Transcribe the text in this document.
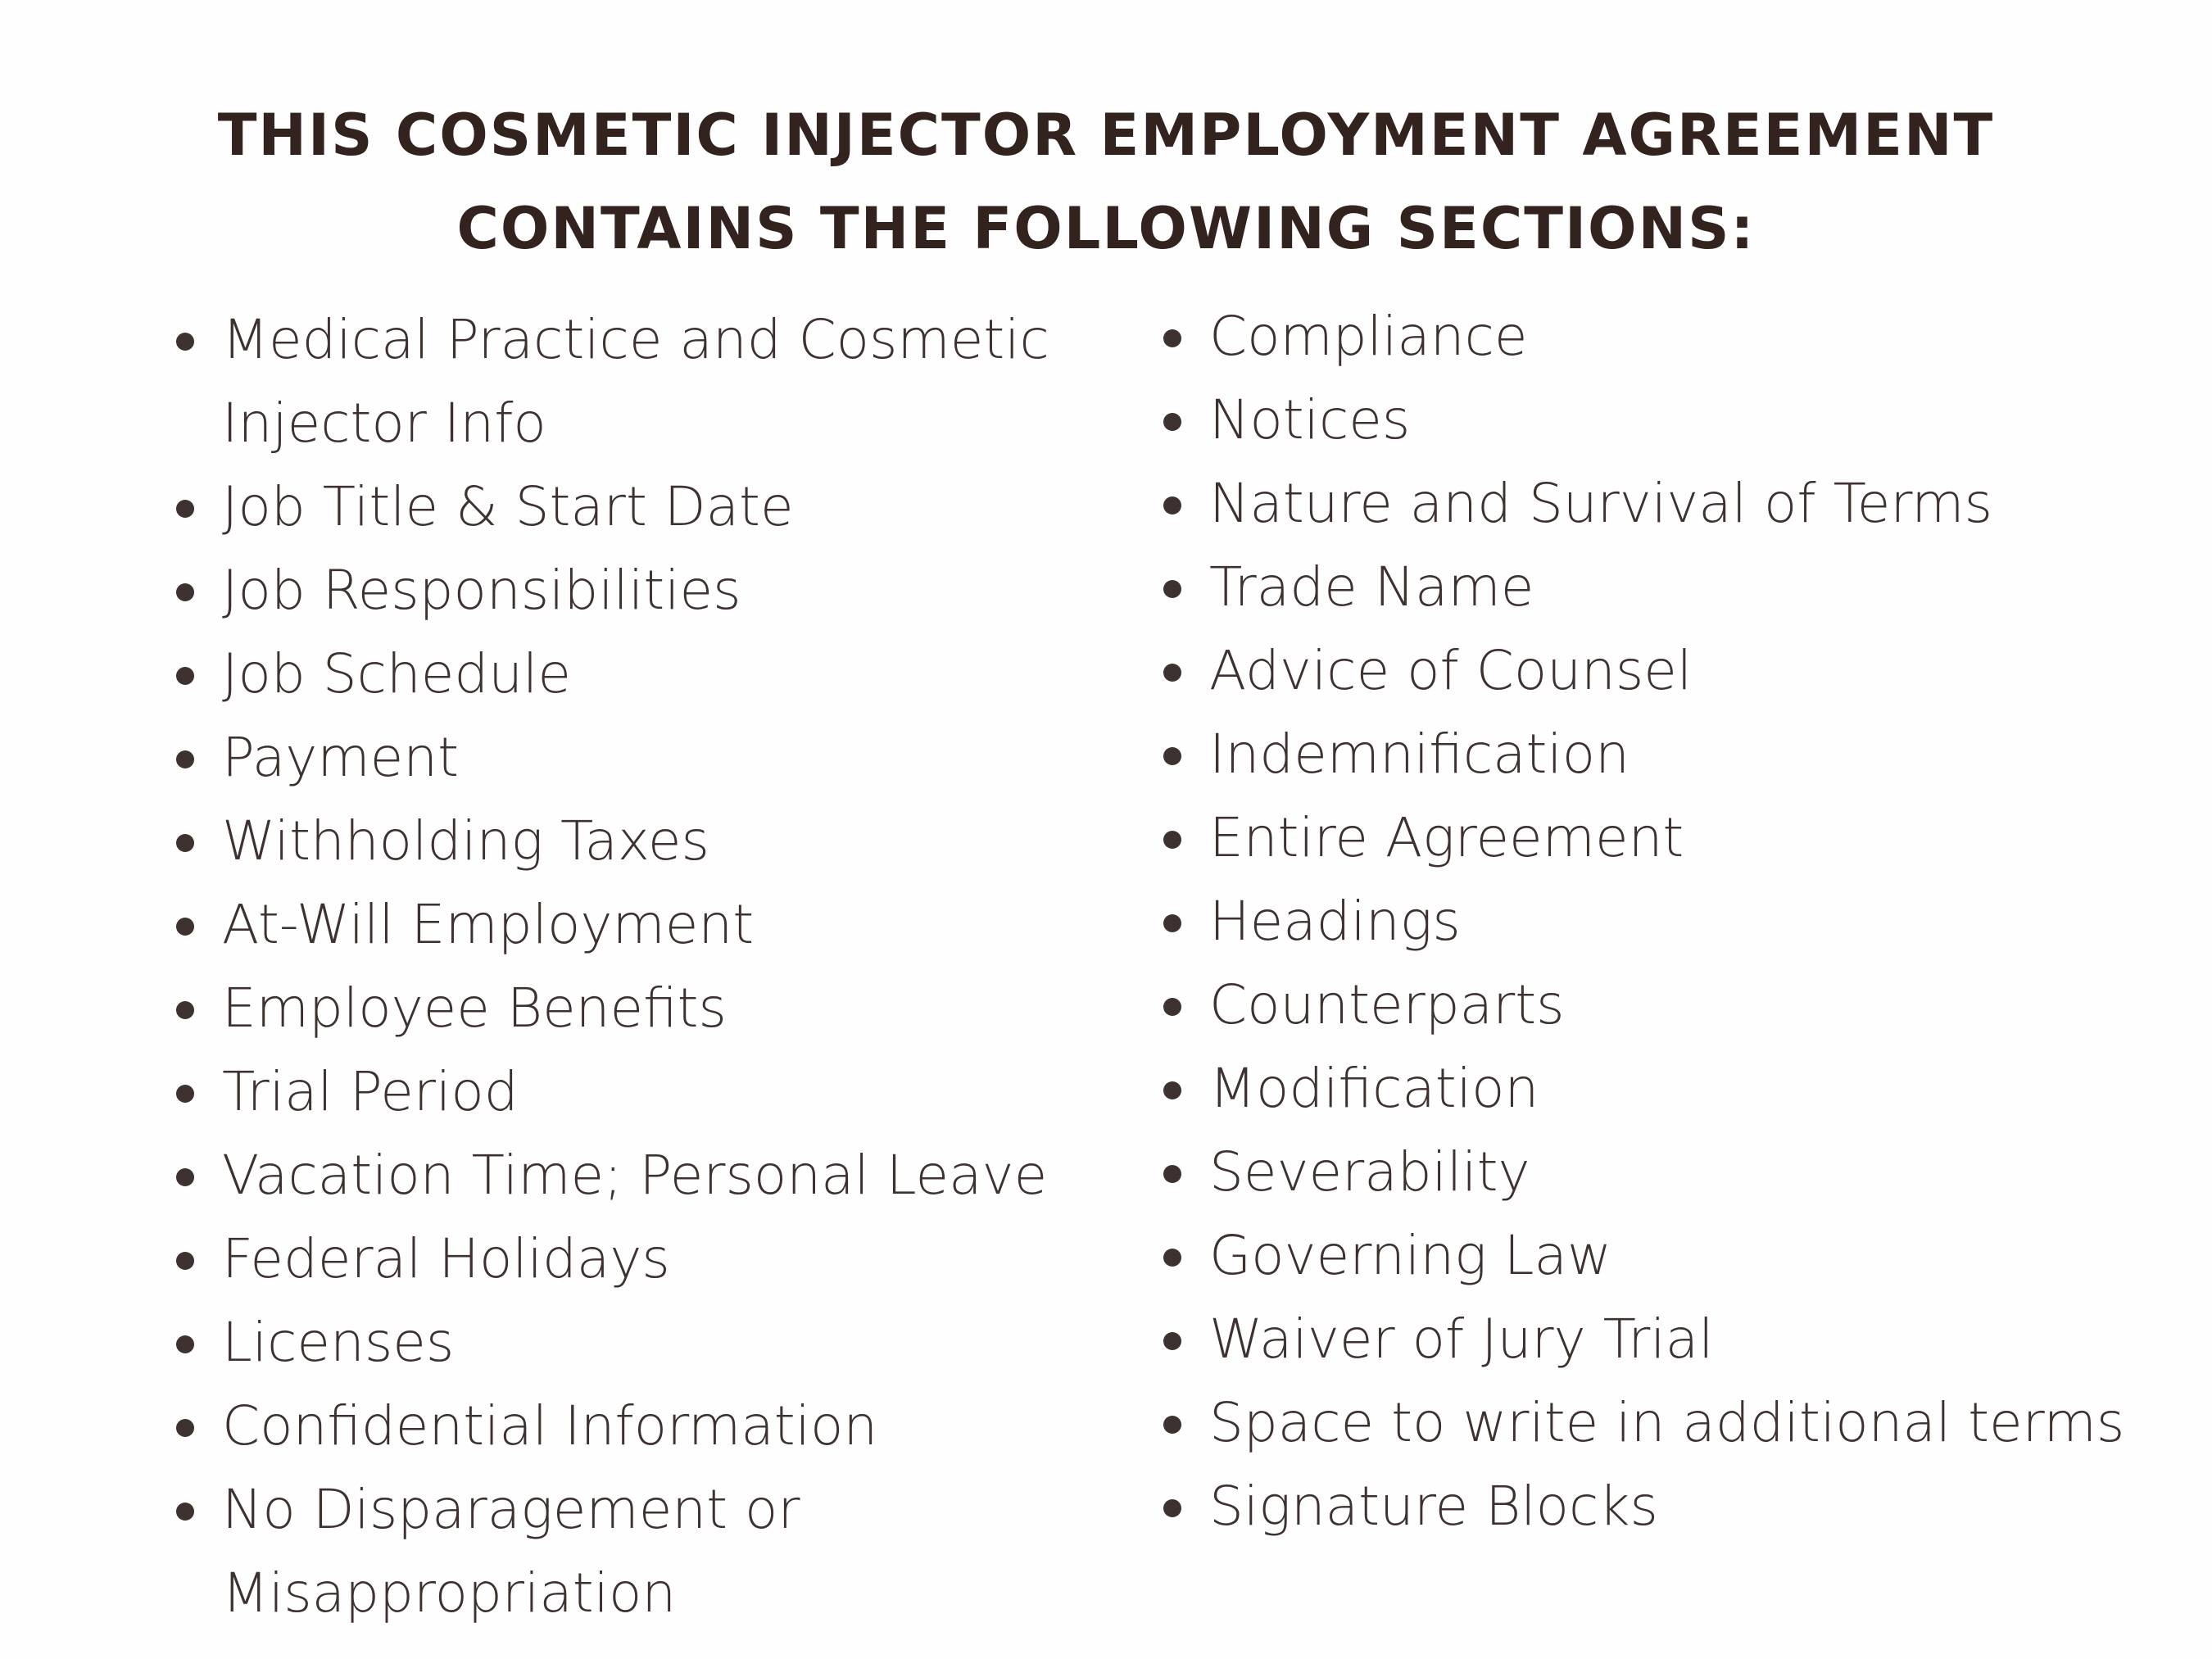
THIS COSMETIC INJECTOR EMPLOYMENT AGREEMENT CONTAINS THE FOLLOWING SECTIONS:
Medical Practice and Cosmetic Injector Info
Job Title & Start Date
Job Responsibilities
Job Schedule
Payment
Withholding Taxes
At-Will Employment
Employee Benefits
Trial Period
Vacation Time; Personal Leave
Federal Holidays
Licenses
Confidential Information
No Disparagement or Misappropriation
Compliance
Notices
Nature and Survival of Terms
Trade Name
Advice of Counsel
Indemnification
Entire Agreement
Headings
Counterparts
Modification
Severability
Governing Law
Waiver of Jury Trial
Space to write in additional terms
Signature Blocks
